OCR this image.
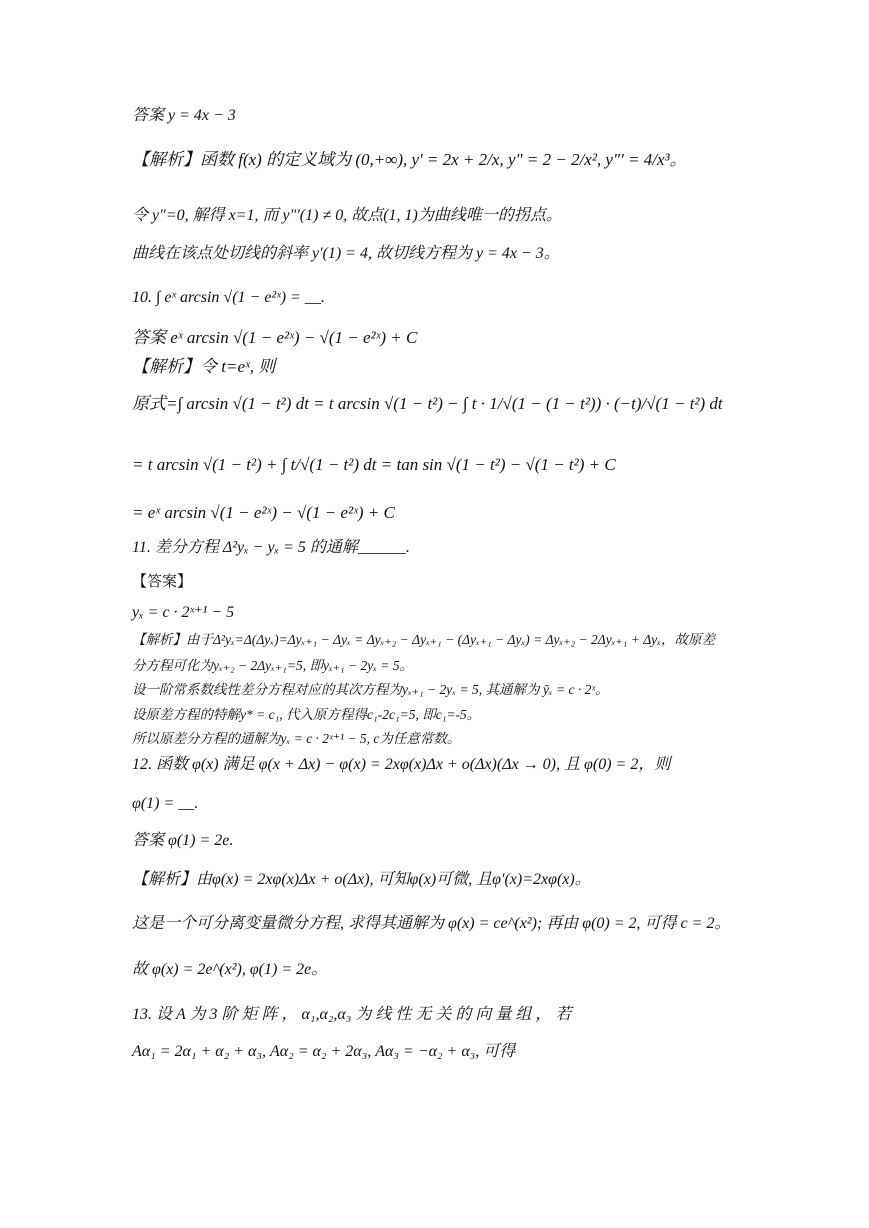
答案 y = 4x − 3
【解析】函数 f(x) 的定义域为 (0,+∞), y' = 2x + 2/x, y" = 2 − 2/x², y"' = 4/x³。
令 y"=0, 解得 x=1, 而 y"'(1) ≠ 0, 故点(1, 1)为曲线唯一的拐点。
曲线在该点处切线的斜率 y'(1) = 4, 故切线方程为 y = 4x − 3。
10. ∫ eˣ arcsin √(1 − e²ˣ) = __.
答案 eˣ arcsin √(1 − e²ˣ) − √(1 − e²ˣ) + C
【解析】令 t=eˣ, 则
原式=∫ arcsin √(1 − t²) dt = t arcsin √(1 − t²) − ∫ t · 1/√(1 − (1 − t²)) · (−t)/√(1 − t²) dt
= t arcsin √(1 − t²) + ∫ t/√(1 − t²) dt = tan sin √(1 − t²) − √(1 − t²) + C
= eˣ arcsin √(1 − e²ˣ) − √(1 − e²ˣ) + C
11. 差分方程 Δ²yₓ − yₓ = 5 的通解______.
【答案】
yₓ = c · 2ˣ⁺¹ − 5
【解析】由于Δ²yₓ=Δ(Δyₓ)=Δyₓ₊₁ − Δyₓ = Δyₓ₊₂ − Δyₓ₊₁ − (Δyₓ₊₁ − Δyₓ) = Δyₓ₊₂ − 2Δyₓ₊₁ + Δyₓ，故原差
分方程可化为yₓ₊₂ − 2Δyₓ₊₁=5, 即yₓ₊₁ − 2yₓ = 5。
设一阶常系数线性差分方程对应的其次方程为yₓ₊₁ − 2yₓ = 5, 其通解为 ȳₓ = c · 2ˣ。
设原差方程的特解y* = c₁, 代入原方程得c₁-2c₁=5, 即c₁=-5。
所以原差分方程的通解为yₓ = c · 2ˣ⁺¹ − 5, c为任意常数。
12. 函数 φ(x) 满足 φ(x + Δx) − φ(x) = 2xφ(x)Δx + o(Δx)(Δx → 0), 且 φ(0) = 2，则
φ(1) = __.
答案 φ(1) = 2e.
【解析】由φ(x) = 2xφ(x)Δx + o(Δx), 可知φ(x)可微, 且φ'(x)=2xφ(x)。
这是一个可分离变量微分方程, 求得其通解为 φ(x) = ce^(x²); 再由 φ(0) = 2, 可得 c = 2。
故 φ(x) = 2e^(x²), φ(1) = 2e。
13. 设 A 为 3 阶 矩 阵 ， α₁,α₂,α₃ 为 线 性 无 关 的 向 量 组 ， 若
Aα₁ = 2α₁ + α₂ + α₃, Aα₂ = α₂ + 2α₃, Aα₃ = −α₂ + α₃, 可得
